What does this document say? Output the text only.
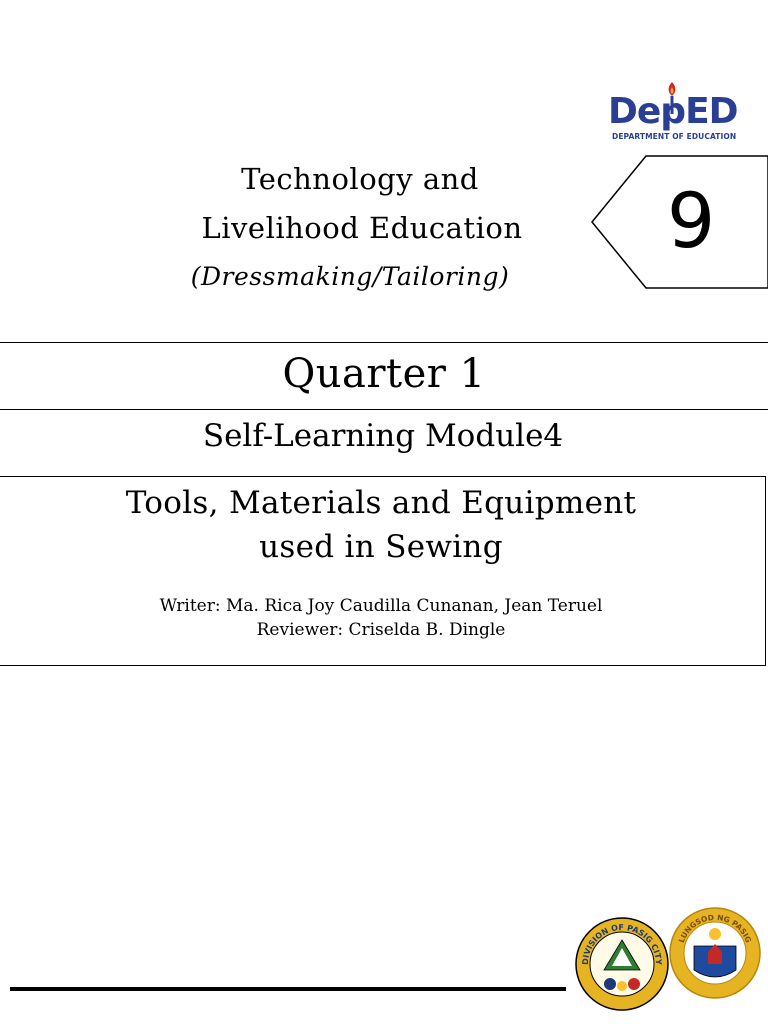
DepED
DEPARTMENT OF EDUCATION
Technology and
Livelihood Education
(Dressmaking/Tailoring)
9
Quarter 1
Self-Learning Module4
Tools, Materials and Equipment
used in Sewing
Writer: Ma. Rica Joy Caudilla Cunanan, Jean Teruel
Reviewer: Criselda B. Dingle
DIVISION OF PASIG CITY
LUNGSOD NG PASIG
